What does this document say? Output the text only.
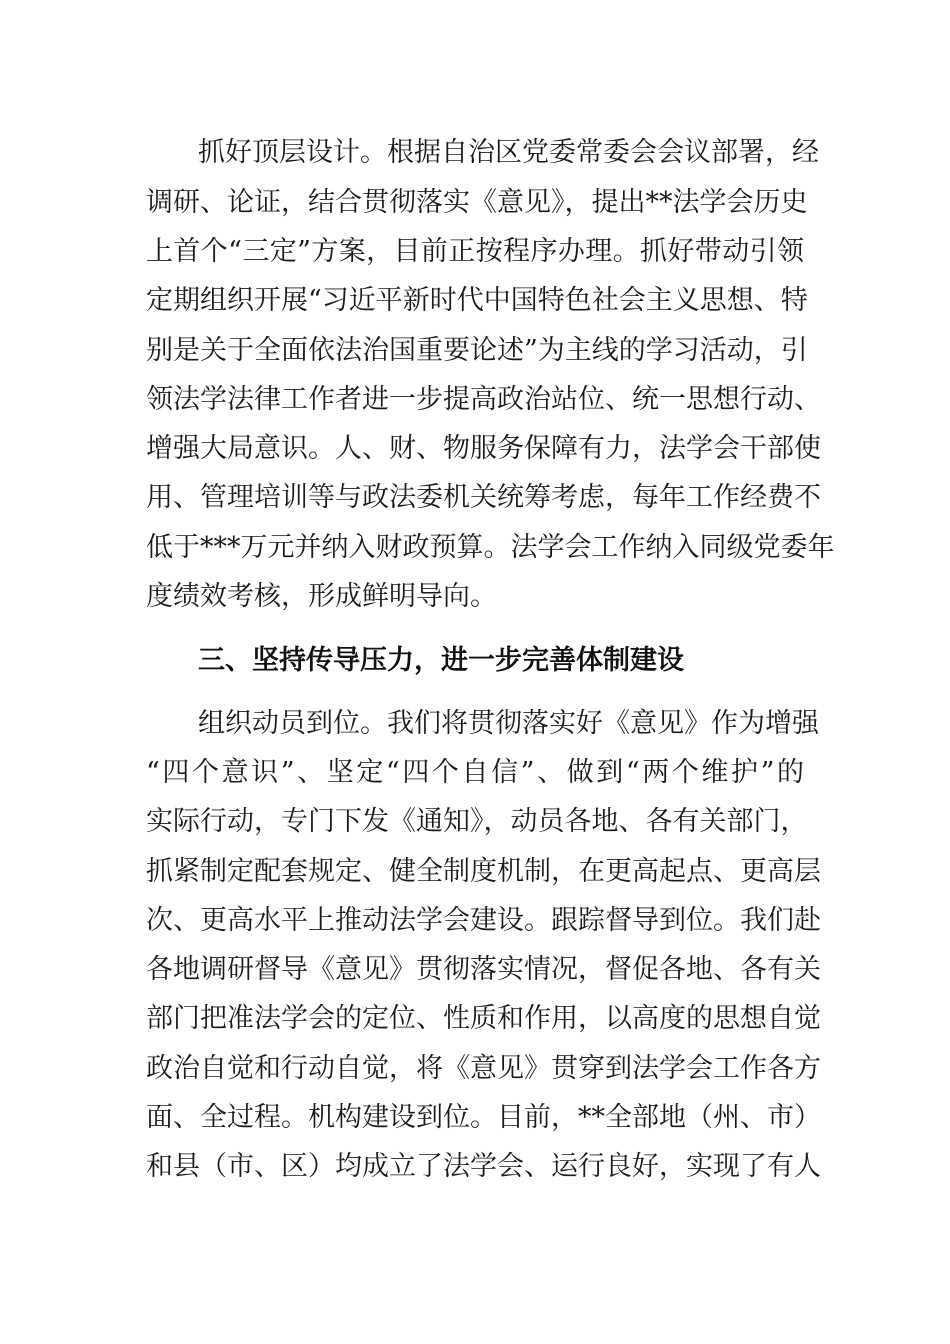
抓好顶层设计。根据自治区党委常委会会议部署，经
调研、论证，结合贯彻落实《意见》，提出**法学会历史
上首个“三定”方案，目前正按程序办理。抓好带动引领
定期组织开展“习近平新时代中国特色社会主义思想、特
别是关于全面依法治国重要论述”为主线的学习活动，引
领法学法律工作者进一步提高政治站位、统一思想行动、
增强大局意识。人、财、物服务保障有力，法学会干部使
用、管理培训等与政法委机关统筹考虑，每年工作经费不
低于***万元并纳入财政预算。法学会工作纳入同级党委年
度绩效考核，形成鲜明导向。
三、坚持传导压力，进一步完善体制建设
组织动员到位。我们将贯彻落实好《意见》作为增强
“四个意识”、坚定“四个自信”、做到“两个维护”的
实际行动，专门下发《通知》，动员各地、各有关部门，
抓紧制定配套规定、健全制度机制，在更高起点、更高层
次、更高水平上推动法学会建设。跟踪督导到位。我们赴
各地调研督导《意见》贯彻落实情况，督促各地、各有关
部门把准法学会的定位、性质和作用，以高度的思想自觉
政治自觉和行动自觉，将《意见》贯穿到法学会工作各方
面、全过程。机构建设到位。目前，**全部地（州、市）
和县（市、区）均成立了法学会、运行良好，实现了有人
